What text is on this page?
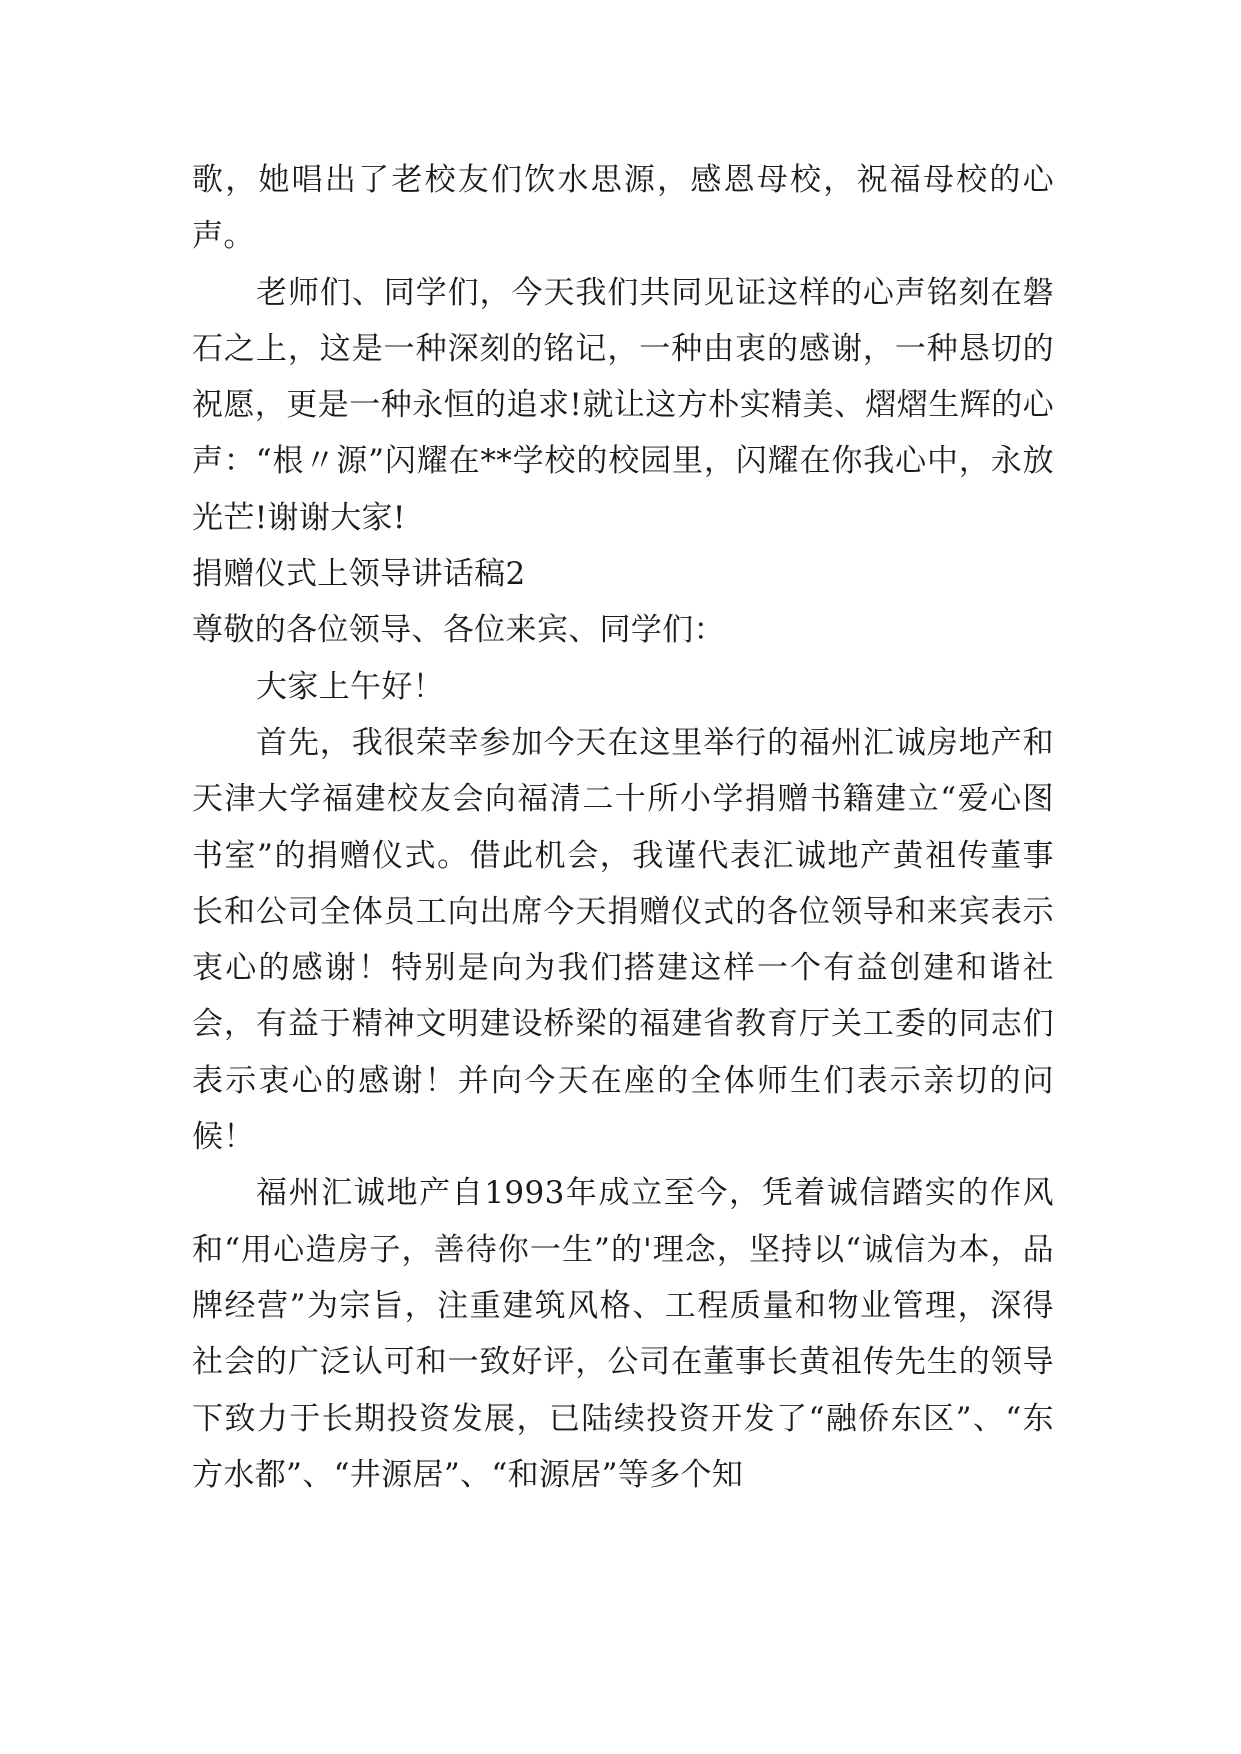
歌，她唱出了老校友们饮水思源，感恩母校，祝福母校的心声。

老师们、同学们，今天我们共同见证这样的心声铭刻在磐石之上，这是一种深刻的铭记，一种由衷的感谢，一种恳切的祝愿，更是一种永恒的追求!就让这方朴实精美、熠熠生辉的心声：“根〃源”闪耀在**学校的校园里，闪耀在你我心中，永放光芒!谢谢大家!

捐赠仪式上领导讲话稿2

尊敬的各位领导、各位来宾、同学们：

大家上午好！

首先，我很荣幸参加今天在这里举行的福州汇诚房地产和天津大学福建校友会向福清二十所小学捐赠书籍建立“爱心图书室”的捐赠仪式。借此机会，我谨代表汇诚地产黄祖传董事长和公司全体员工向出席今天捐赠仪式的各位领导和来宾表示衷心的感谢！特别是向为我们搭建这样一个有益创建和谐社会，有益于精神文明建设桥梁的福建省教育厅关工委的同志们表示衷心的感谢！并向今天在座的全体师生们表示亲切的问候！

福州汇诚地产自1993年成立至今，凭着诚信踏实的作风和“用心造房子，善待你一生”的'理念，坚持以“诚信为本，品牌经营”为宗旨，注重建筑风格、工程质量和物业管理，深得社会的广泛认可和一致好评，公司在董事长黄祖传先生的领导下致力于长期投资发展，已陆续投资开发了“融侨东区”、“东方水都”、“井源居”、“和源居”等多个知
